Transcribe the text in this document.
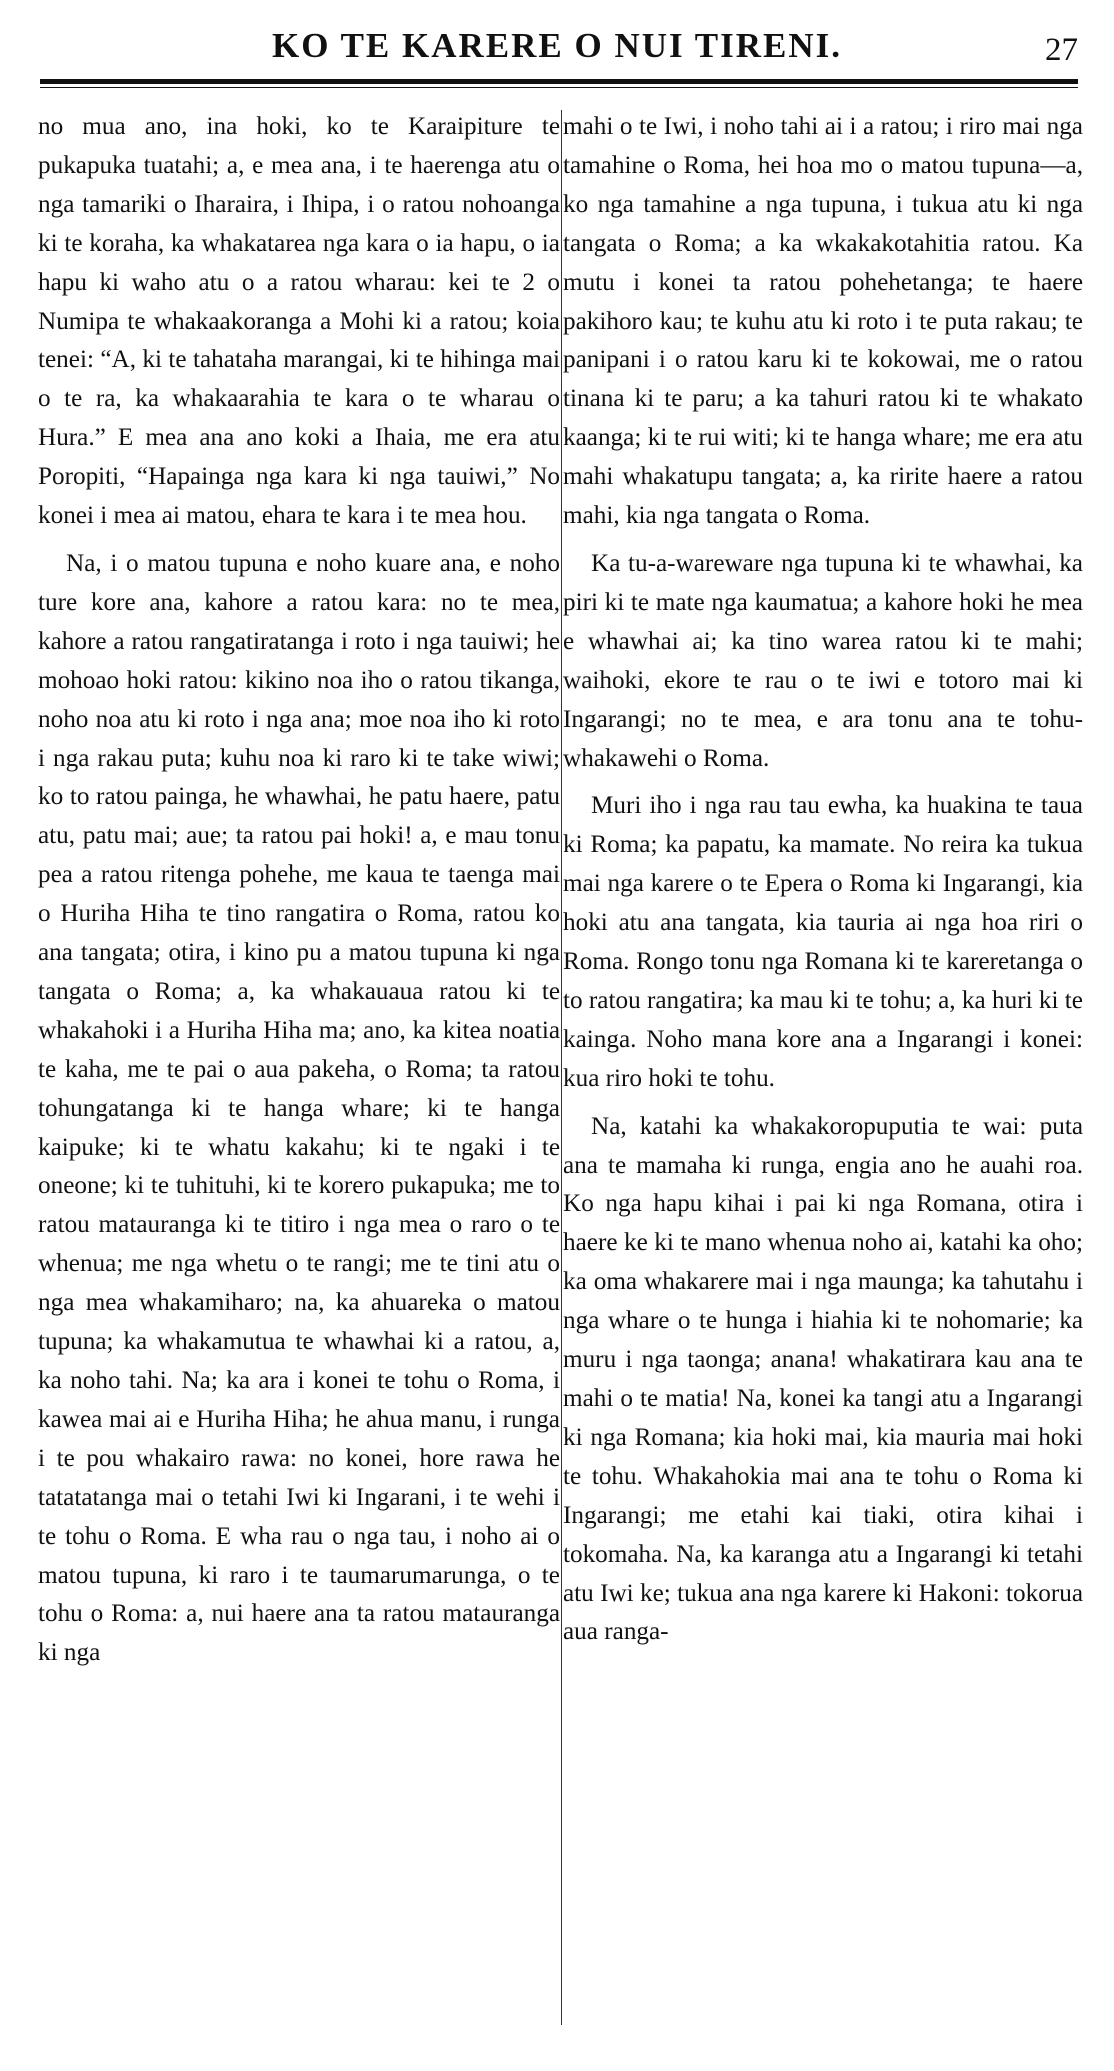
KO TE KARERE O NUI TIRENI.	27

no mua ano, ina hoki, ko te Karaipiture te pukapuka tuatahi; a, e mea ana, i te haerenga atu o nga tamariki o Iharaira, i Ihipa, i o ratou nohoanga ki te koraha, ka whakatarea nga kara o ia hapu, o ia hapu ki waho atu o a ratou wharau: kei te 2 o Numipa te whakaakoranga a Mohi ki a ratou; koia tenei: “A, ki te tahataha marangai, ki te hihinga mai o te ra, ka whakaarahia te kara o te wharau o Hura.” E mea ana ano koki a Ihaia, me era atu Poropiti, “Hapainga nga kara ki nga tauiwi,” No konei i mea ai matou, ehara te kara i te mea hou.

Na, i o matou tupuna e noho kuare ana, e noho ture kore ana, kahore a ratou kara: no te mea, kahore a ratou rangatiratanga i roto i nga tauiwi; he mohoao hoki ratou: kikino noa iho o ratou tikanga, noho noa atu ki roto i nga ana; moe noa iho ki roto i nga rakau puta; kuhu noa ki raro ki te take wiwi; ko to ratou painga, he whawhai, he patu haere, patu atu, patu mai; aue; ta ratou pai hoki! a, e mau tonu pea a ratou ritenga pohehe, me kaua te taenga mai o Huriha Hiha te tino rangatira o Roma, ratou ko ana tangata; otira, i kino pu a matou tupuna ki nga tangata o Roma; a, ka whakauaua ratou ki te whakahoki i a Huriha Hiha ma; ano, ka kitea noatia te kaha, me te pai o aua pakeha, o Roma; ta ratou tohungatanga ki te hanga whare; ki te hanga kaipuke; ki te whatu kakahu; ki te ngaki i te oneone; ki te tuhituhi, ki te korero pukapuka; me to ratou matauranga ki te titiro i nga mea o raro o te whenua; me nga whetu o te rangi; me te tini atu o nga mea whakamiharo; na, ka ahuareka o matou tupuna; ka whakamutua te whawhai ki a ratou, a, ka noho tahi. Na; ka ara i konei te tohu o Roma, i kawea mai ai e Huriha Hiha; he ahua manu, i runga i te pou whakairo rawa: no konei, hore rawa he tatatatanga mai o tetahi Iwi ki Ingarani, i te wehi i te tohu o Roma. E wha rau o nga tau, i noho ai o matou tupuna, ki raro i te taumarumarunga, o te tohu o Roma: a, nui haere ana ta ratou matauranga ki nga

mahi o te Iwi, i noho tahi ai i a ratou; i riro mai nga tamahine o Roma, hei hoa mo o matou tupuna—a, ko nga tamahine a nga tupuna, i tukua atu ki nga tangata o Roma; a ka wkakakotahitia ratou. Ka mutu i konei ta ratou pohehetanga; te haere pakihoro kau; te kuhu atu ki roto i te puta rakau; te panipani i o ratou karu ki te kokowai, me o ratou tinana ki te paru; a ka tahuri ratou ki te whakato kaanga; ki te rui witi; ki te hanga whare; me era atu mahi whakatupu tangata; a, ka ririte haere a ratou mahi, kia nga tangata o Roma.

Ka tu-a-wareware nga tupuna ki te whawhai, ka piri ki te mate nga kaumatua; a kahore hoki he mea e whawhai ai; ka tino warea ratou ki te mahi; waihoki, ekore te rau o te iwi e totoro mai ki Ingarangi; no te mea, e ara tonu ana te tohu-whakawehi o Roma.

Muri iho i nga rau tau ewha, ka huakina te taua ki Roma; ka papatu, ka mamate. No reira ka tukua mai nga karere o te Epera o Roma ki Ingarangi, kia hoki atu ana tangata, kia tauria ai nga hoa riri o Roma. Rongo tonu nga Romana ki te kareretanga o to ratou rangatira; ka mau ki te tohu; a, ka huri ki te kainga. Noho mana kore ana a Ingarangi i konei: kua riro hoki te tohu.

Na, katahi ka whakakoropuputia te wai: puta ana te mamaha ki runga, engia ano he auahi roa. Ko nga hapu kihai i pai ki nga Romana, otira i haere ke ki te mano whenua noho ai, katahi ka oho; ka oma whakarere mai i nga maunga; ka tahutahu i nga whare o te hunga i hiahia ki te nohomarie; ka muru i nga taonga; anana! whakatirara kau ana te mahi o te matia! Na, konei ka tangi atu a Ingarangi ki nga Romana; kia hoki mai, kia mauria mai hoki te tohu. Whakahokia mai ana te tohu o Roma ki Ingarangi; me etahi kai tiaki, otira kihai i tokomaha. Na, ka karanga atu a Ingarangi ki tetahi atu Iwi ke; tukua ana nga karere ki Hakoni: tokorua aua ranga-
